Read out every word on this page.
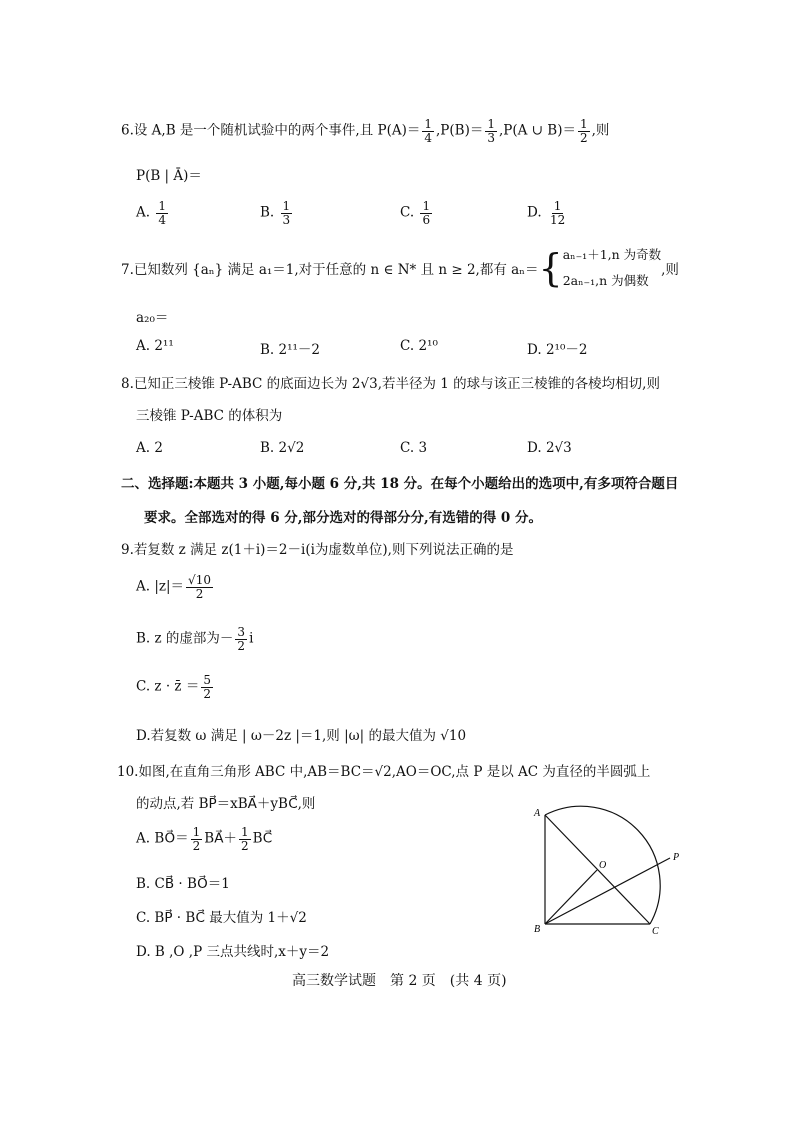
6.设 A,B 是一个随机试验中的两个事件,且 $P(A)= \frac{1}{4} ,P(B)= \frac{1}{3} ,P(A$ ∪ $B)= \frac{1}{2}$ ,则
P(B | Ā)＝
A. $\frac{1}{4}$	B. $\frac{1}{3}$	C. $\frac{1}{6}$	D. $\frac{1}{12}$
7.已知数列 {aₙ} 满足 a₁＝1,对于任意的 n ∈ N* 且 n ≥ 2,都有 aₙ＝{ aₙ₋₁＋1,n 为奇数
2aₙ₋₁,n 为偶数
,则
a₂₀＝
A. 2¹¹	B. 2¹¹－2	C. 2¹⁰	D. 2¹⁰－2
8.已知正三棱锥 P-ABC 的底面边长为 2√3,若半径为 1 的球与该正三棱锥的各棱均相切,则
三棱锥 P-ABC 的体积为
A. 2	B. 2√2	C. 3	D. 2√3
二、选择题:本题共 3 小题,每小题 6 分,共 18 分。在每个小题给出的选项中,有多项符合题目
要求。全部选对的得 6 分,部分选对的得部分分,有选错的得 0 分。
9.若复数 z 满足 z(1＋i)＝2－i(i为虚数单位),则下列说法正确的是
A. $|z|= \frac{√10}{2}$
B. z 的虚部为－ $\frac{3}{2}$ i
C. z · z̄ ＝ $\frac{5}{2}$
D.若复数 ω 满足 | ω－2z |＝1,则 |ω| 的最大值为 √10
10.如图,在直角三角形 ABC 中,AB＝BC＝√2,AO＝OC,点 P 是以 AC 为直径的半圆弧上
的动点,若 BP⃗＝xBA⃗＋yBC⃗,则
A. BO⃗＝ $\frac{1}{2}$ BA⃗＋ $\frac{1}{2}$ BC⃗
B. CB⃗ · BO⃗＝1
C. BP⃗ · BC⃗ 最大值为 1＋√2
D. B ,O ,P 三点共线时,x＋y＝2
A
B	C
O
P
高三数学试题　第 2 页　(共 4 页)
